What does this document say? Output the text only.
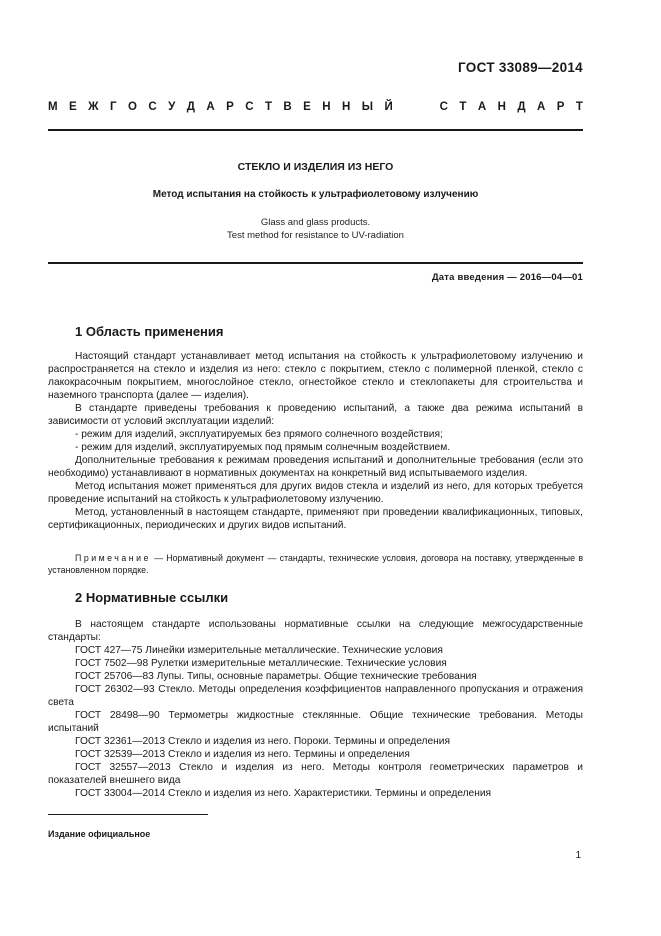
ГОСТ 33089—2014
М Е Ж Г О С У Д А Р С Т В Е Н Н Ы Й	С Т А Н Д А Р Т
СТЕКЛО И ИЗДЕЛИЯ ИЗ НЕГО
Метод испытания на стойкость к ультрафиолетовому излучению
Glass and glass products.
Test method for resistance to UV-radiation
Дата введения — 2016—04—01
1 Область применения

Настоящий стандарт устанавливает метод испытания на стойкость к ультрафиолетовому излучению и распространяется на стекло и изделия из него: стекло с покрытием, стекло с полимерной пленкой, стекло с лакокрасочным покрытием, многослойное стекло, огнестойкое стекло и стеклопакеты для строительства и наземного транспорта (далее — изделия).

В стандарте приведены требования к проведению испытаний, а также два режима испытаний в зависимости от условий эксплуатации изделий:

- режим для изделий, эксплуатируемых без прямого солнечного воздействия;

- режим для изделий, эксплуатируемых под прямым солнечным воздействием.

Дополнительные требования к режимам проведения испытаний и дополнительные требования (если это необходимо) устанавливают в нормативных документах на конкретный вид испытываемого изделия.

Метод испытания может применяться для других видов стекла и изделий из него, для которых требуется проведение испытаний на стойкость к ультрафиолетовому излучению.

Метод, установленный в настоящем стандарте, применяют при проведении квалификационных, типовых, сертификационных, периодических и других видов испытаний.

Примечание — Нормативный документ — стандарты, технические условия, договора на поставку, утвержденные в установленном порядке.
2 Нормативные ссылки

В настоящем стандарте использованы нормативные ссылки на следующие межгосударственные стандарты:

ГОСТ 427—75 Линейки измерительные металлические. Технические условия

ГОСТ 7502—98 Рулетки измерительные металлические. Технические условия

ГОСТ 25706—83 Лупы. Типы, основные параметры. Общие технические требования

ГОСТ 26302—93 Стекло. Методы определения коэффициентов направленного пропускания и отражения света

ГОСТ 28498—90 Термометры жидкостные стеклянные. Общие технические требования. Методы испытаний

ГОСТ 32361—2013 Стекло и изделия из него. Пороки. Термины и определения

ГОСТ 32539—2013 Стекло и изделия из него. Термины и определения

ГОСТ 32557—2013 Стекло и изделия из него. Методы контроля геометрических параметров и показателей внешнего вида

ГОСТ 33004—2014 Стекло и изделия из него. Характеристики. Термины и определения

Издание официальное
1
